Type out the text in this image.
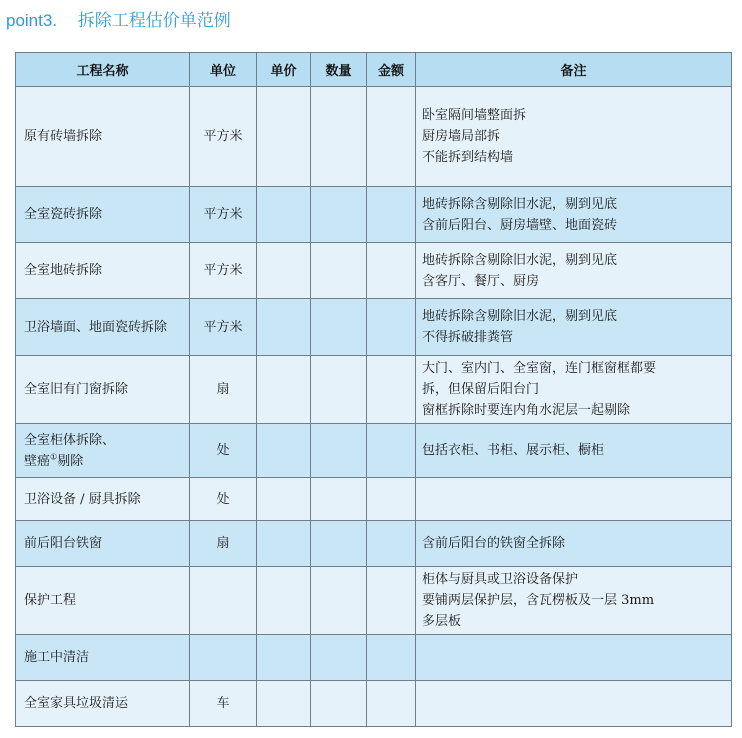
point3. 拆除工程估价单范例
工程名称	单位	单价	数量	金额	备注
原有砖墙拆除	平方米				卧室隔间墙整面拆
厨房墙局部拆
不能拆到结构墙

全室瓷砖拆除	平方米				地砖拆除含剔除旧水泥，剔到见底
含前后阳台、厨房墙壁、地面瓷砖

全室地砖拆除	平方米				地砖拆除含剔除旧水泥，剔到见底
含客厅、餐厅、厨房

卫浴墙面、地面瓷砖拆除	平方米				地砖拆除含剔除旧水泥，剔到见底
不得拆破排粪管

全室旧有门窗拆除	扇				大门、室内门、全室窗，连门框窗框都要
拆，但保留后阳台门
窗框拆除时要连内角水泥层一起剔除

全室柜体拆除、
壁癌①剔除	处				包括衣柜、书柜、展示柜、橱柜

卫浴设备 / 厨具拆除	处				
前后阳台铁窗	扇				含前后阳台的铁窗全拆除

保护工程					柜体与厨具或卫浴设备保护
要铺两层保护层，含瓦楞板及一层 3mm
多层板

施工中清洁					
全室家具垃圾清运	车				
